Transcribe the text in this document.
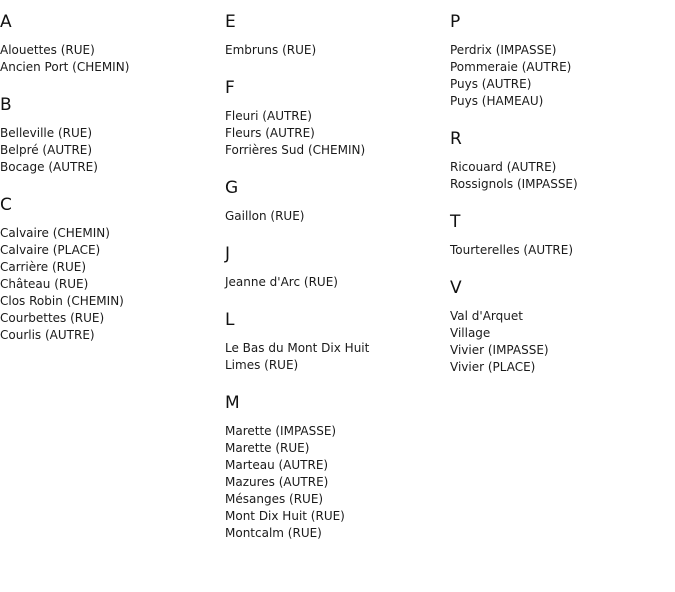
A
Alouettes (RUE)
Ancien Port (CHEMIN)
B
Belleville (RUE)
Belpré (AUTRE)
Bocage (AUTRE)
C
Calvaire (CHEMIN)
Calvaire (PLACE)
Carrière (RUE)
Château (RUE)
Clos Robin (CHEMIN)
Courbettes (RUE)
Courlis (AUTRE)
E
Embruns (RUE)
F
Fleuri (AUTRE)
Fleurs (AUTRE)
Forrières Sud (CHEMIN)
G
Gaillon (RUE)
J
Jeanne d'Arc (RUE)
L
Le Bas du Mont Dix Huit
Limes (RUE)
M
Marette (IMPASSE)
Marette (RUE)
Marteau (AUTRE)
Mazures (AUTRE)
Mésanges (RUE)
Mont Dix Huit (RUE)
Montcalm (RUE)
P
Perdrix (IMPASSE)
Pommeraie (AUTRE)
Puys (AUTRE)
Puys (HAMEAU)
R
Ricouard (AUTRE)
Rossignols (IMPASSE)
T
Tourterelles (AUTRE)
V
Val d'Arquet
Village
Vivier (IMPASSE)
Vivier (PLACE)
